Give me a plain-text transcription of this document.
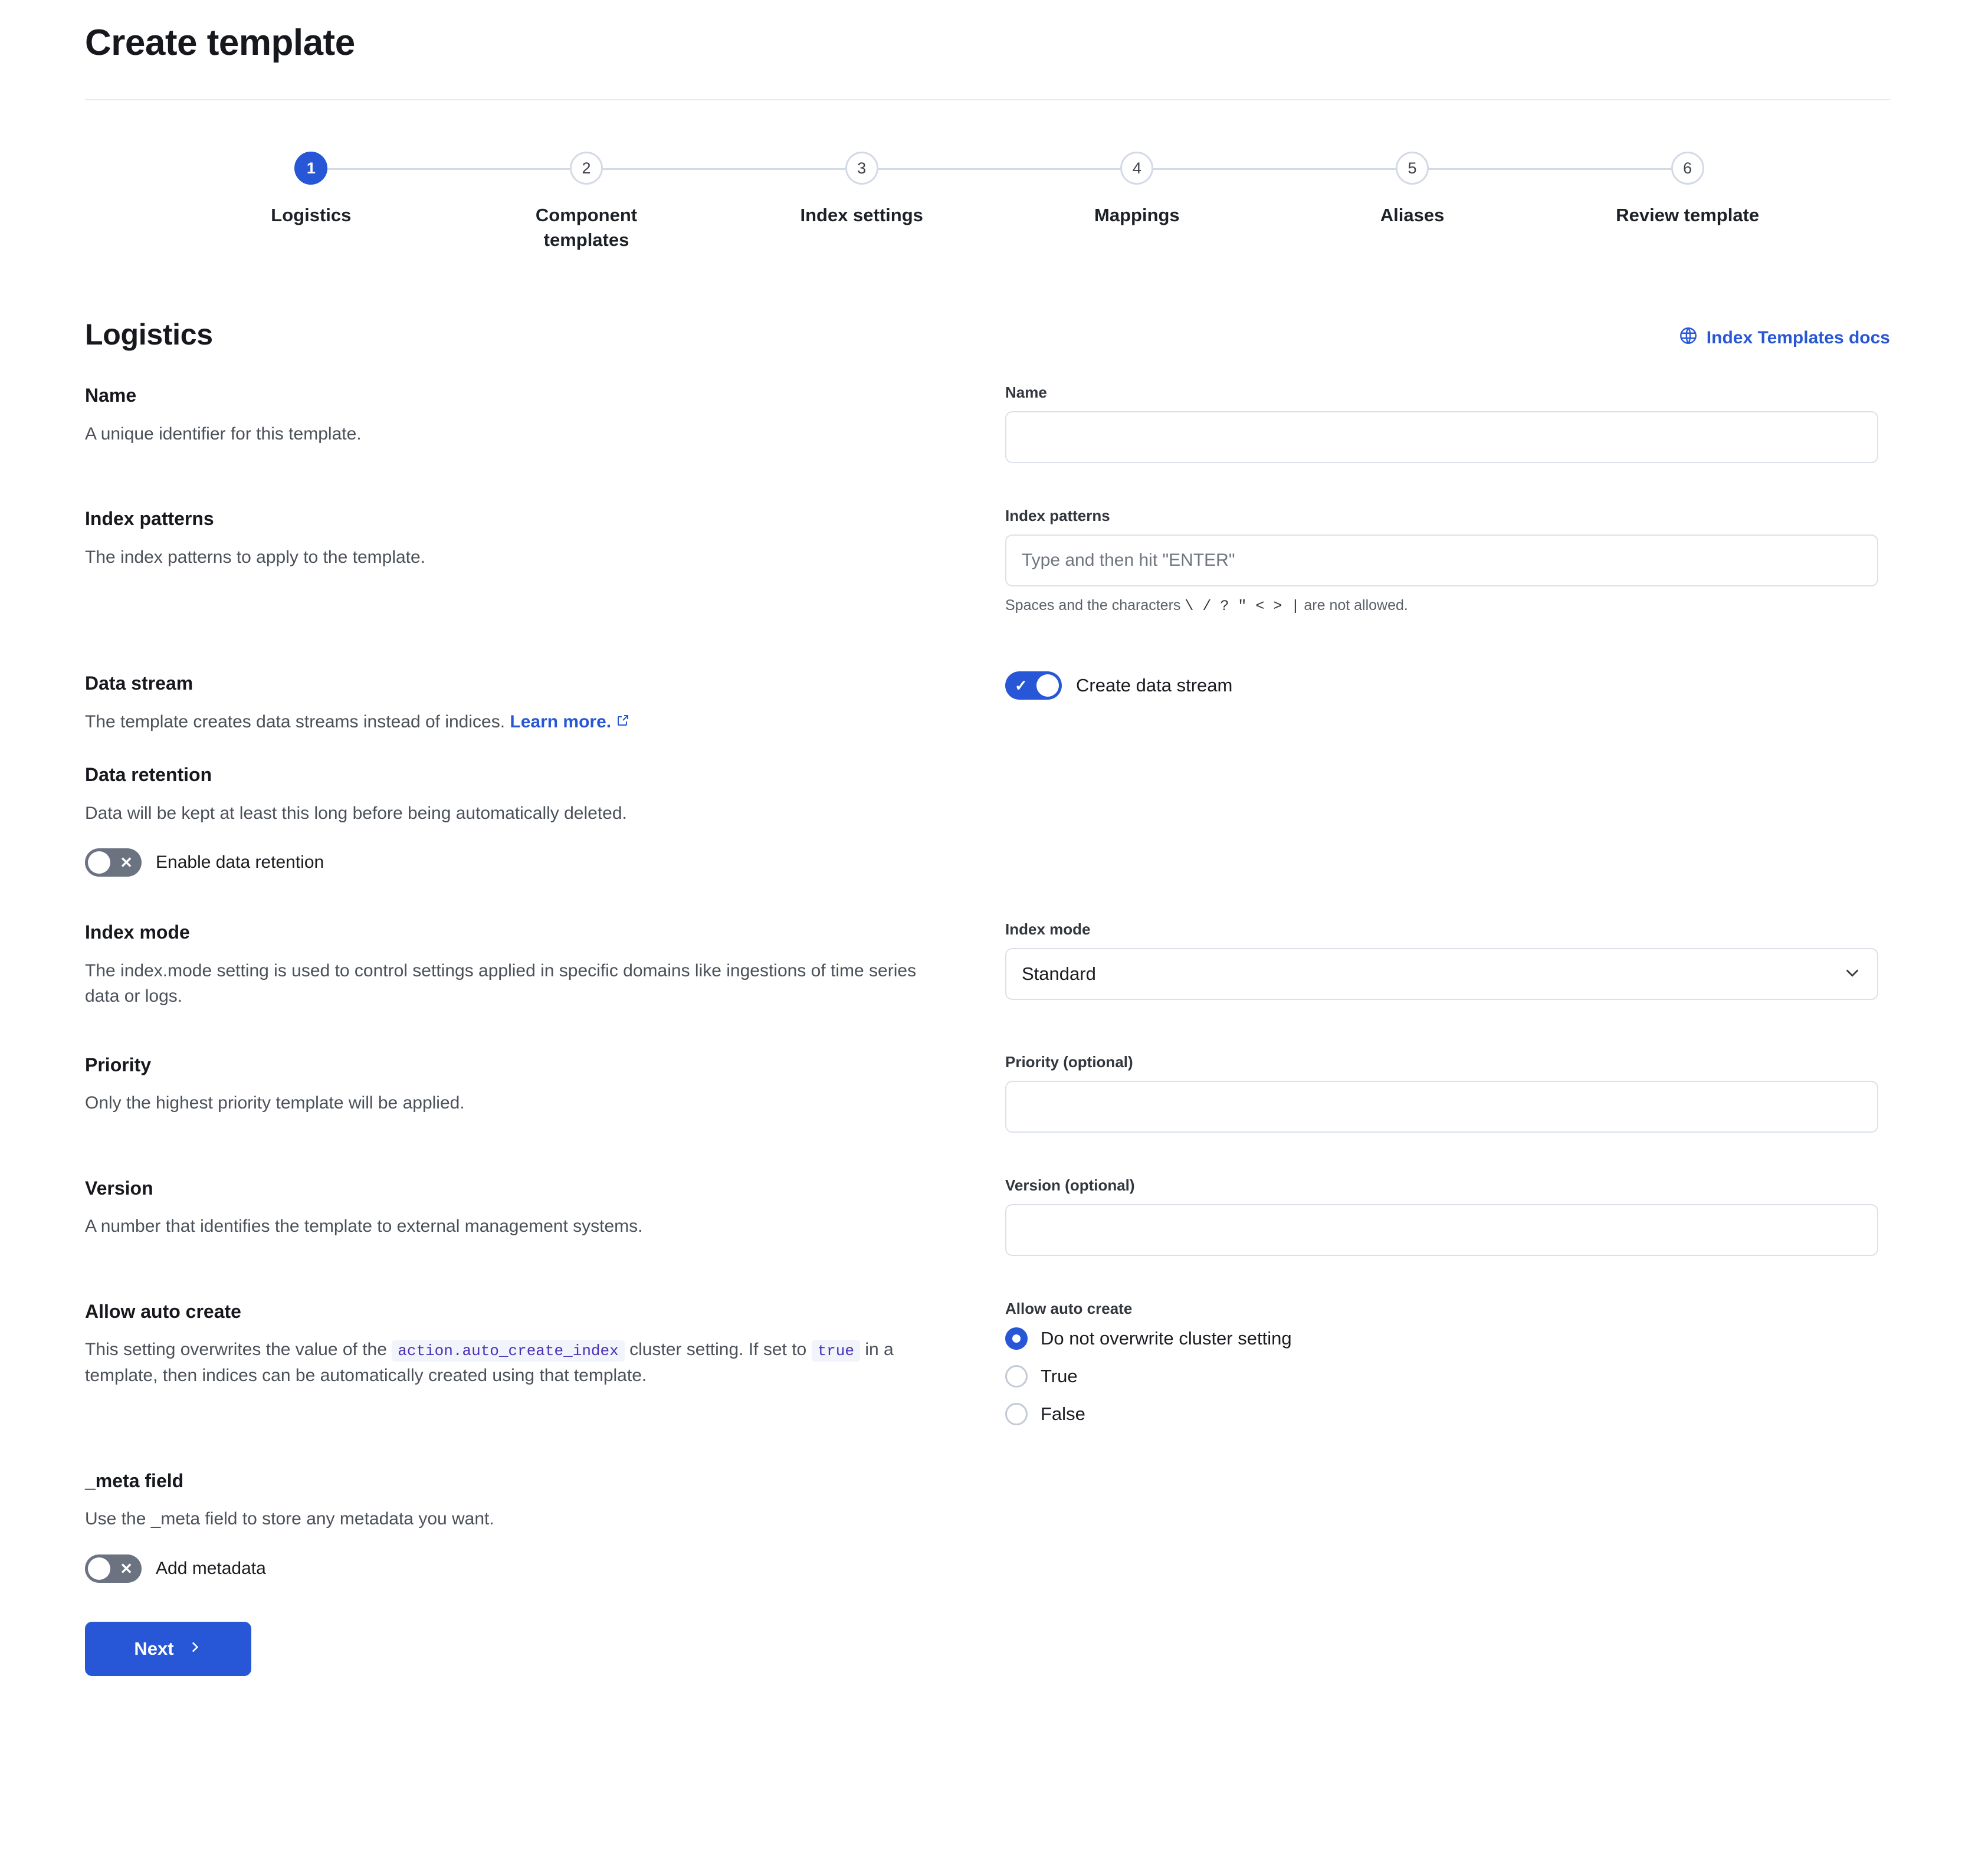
Create template
1
Logistics
2
Component templates
3
Index settings
4
Mappings
5
Aliases
6
Review template
Logistics	Index Templates docs
Name
A unique identifier for this template.
Name
Index patterns
The index patterns to apply to the template.
Index patterns
Type and then hit "ENTER"
Spaces and the characters \ / ? " < > | are not allowed.
Data stream
The template creates data streams instead of indices. Learn more.
✓	Create data stream
Data retention
Data will be kept at least this long before being automatically deleted.
✕ Enable data retention
Index mode
The index.mode setting is used to control settings applied in specific domains like ingestions of time series data or logs.
Index mode
Standard
Priority
Only the highest priority template will be applied.
Priority (optional)
Version
A number that identifies the template to external management systems.
Version (optional)
Allow auto create
This setting overwrites the value of the action.auto_create_index cluster setting. If set to true in a template, then indices can be automatically created using that template.
Allow auto create
Do not overwrite cluster setting
True
False
_meta field
Use the _meta field to store any metadata you want.
✕ Add metadata
Next
